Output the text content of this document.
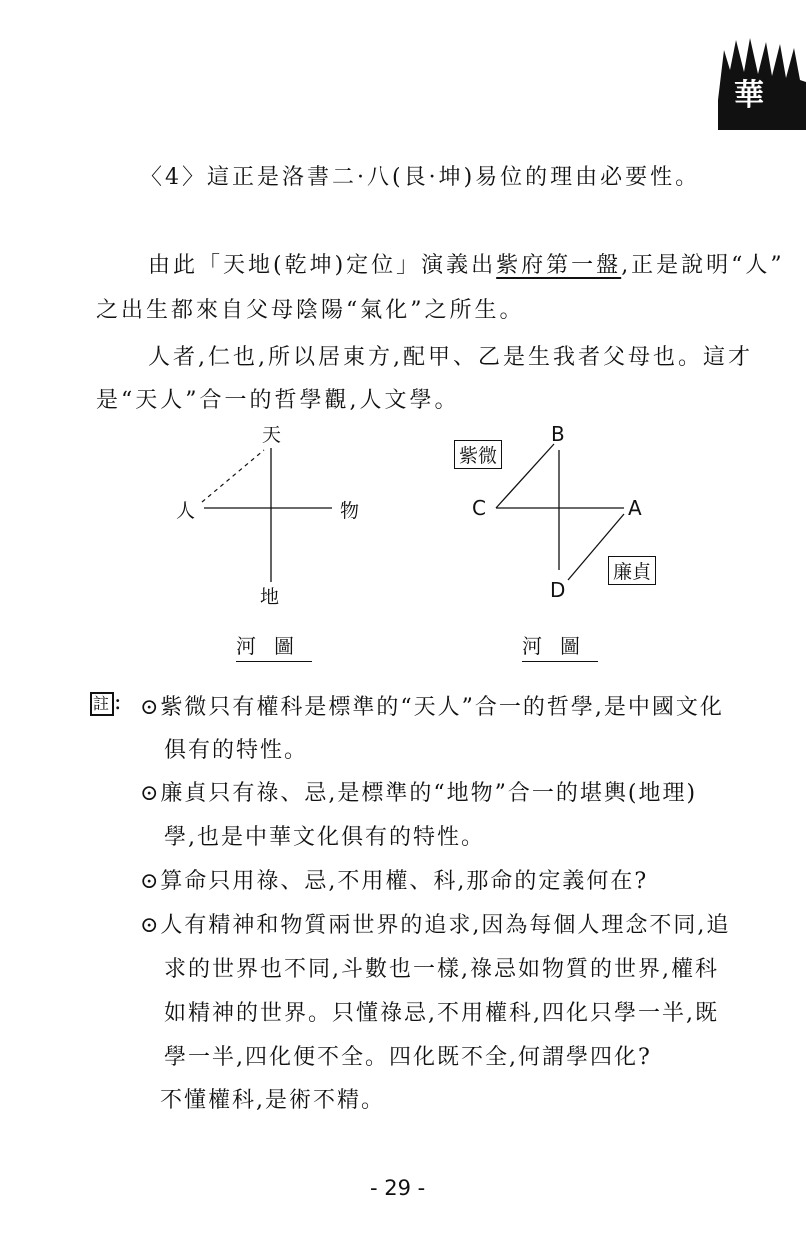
華
〈4〉這正是洛書二·八(艮·坤)易位的理由必要性。
由此「天地(乾坤)定位」演義出紫府第一盤,正是說明“人”
之出生都來自父母陰陽“氣化”之所生。
人者,仁也,所以居東方,配甲、乙是生我者父母也。這才
是“天人”合一的哲學觀,人文學。
天
人	物
地
河圖
紫微
B
C	A
D
廉貞
河圖
註 : ⊙紫微只有權科是標準的“天人”合一的哲學,是中國文化
俱有的特性。
⊙廉貞只有祿、忌,是標準的“地物”合一的堪輿(地理)
學,也是中華文化俱有的特性。
⊙算命只用祿、忌,不用權、科,那命的定義何在?
⊙人有精神和物質兩世界的追求,因為每個人理念不同,追
求的世界也不同,斗數也一樣,祿忌如物質的世界,權科
如精神的世界。只懂祿忌,不用權科,四化只學一半,既
學一半,四化便不全。四化既不全,何謂學四化?
不懂權科,是術不精。
- 29 -
